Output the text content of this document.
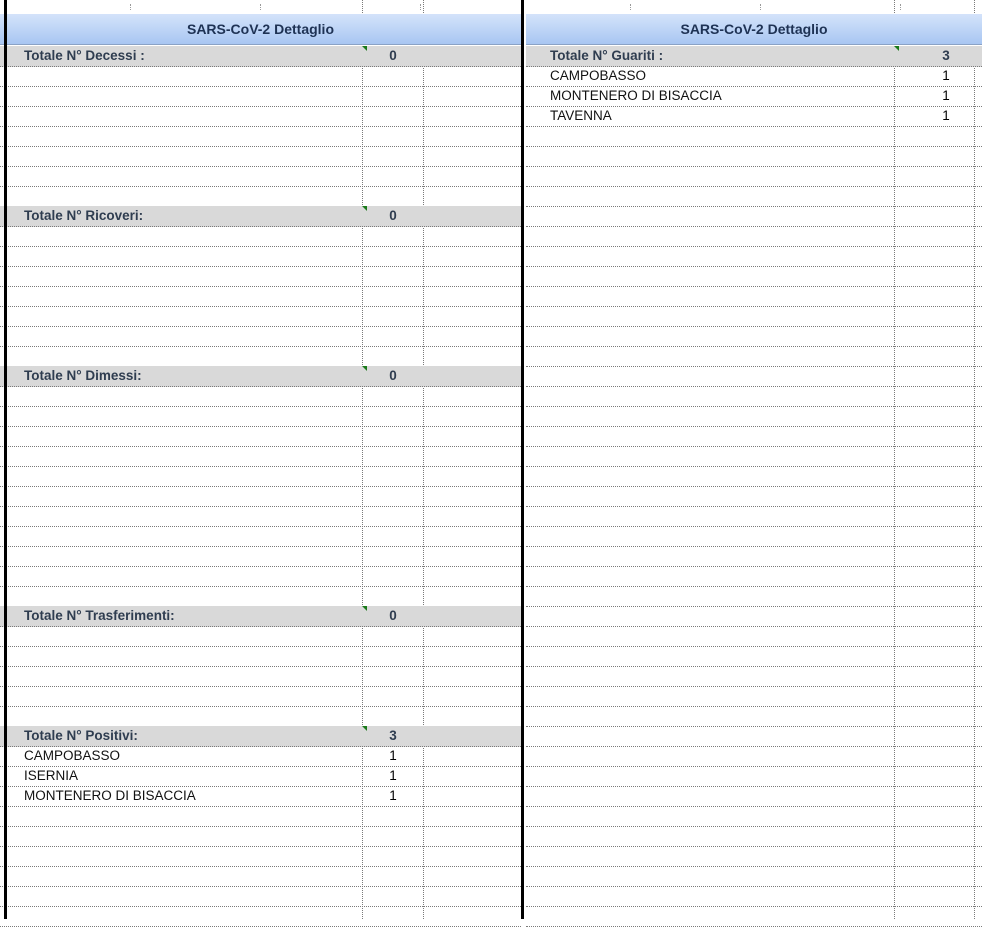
SARS-CoV-2 Dettaglio
Totale N° Decessi :	0
Totale N° Ricoveri:	0
Totale N° Dimessi:	0
Totale N° Trasferimenti:	0
Totale N° Positivi:	3
CAMPOBASSO	1
ISERNIA	1
MONTENERO DI BISACCIA	1
SARS-CoV-2 Dettaglio
Totale N° Guariti :	3
CAMPOBASSO	1
MONTENERO DI BISACCIA	1
TAVENNA	1
